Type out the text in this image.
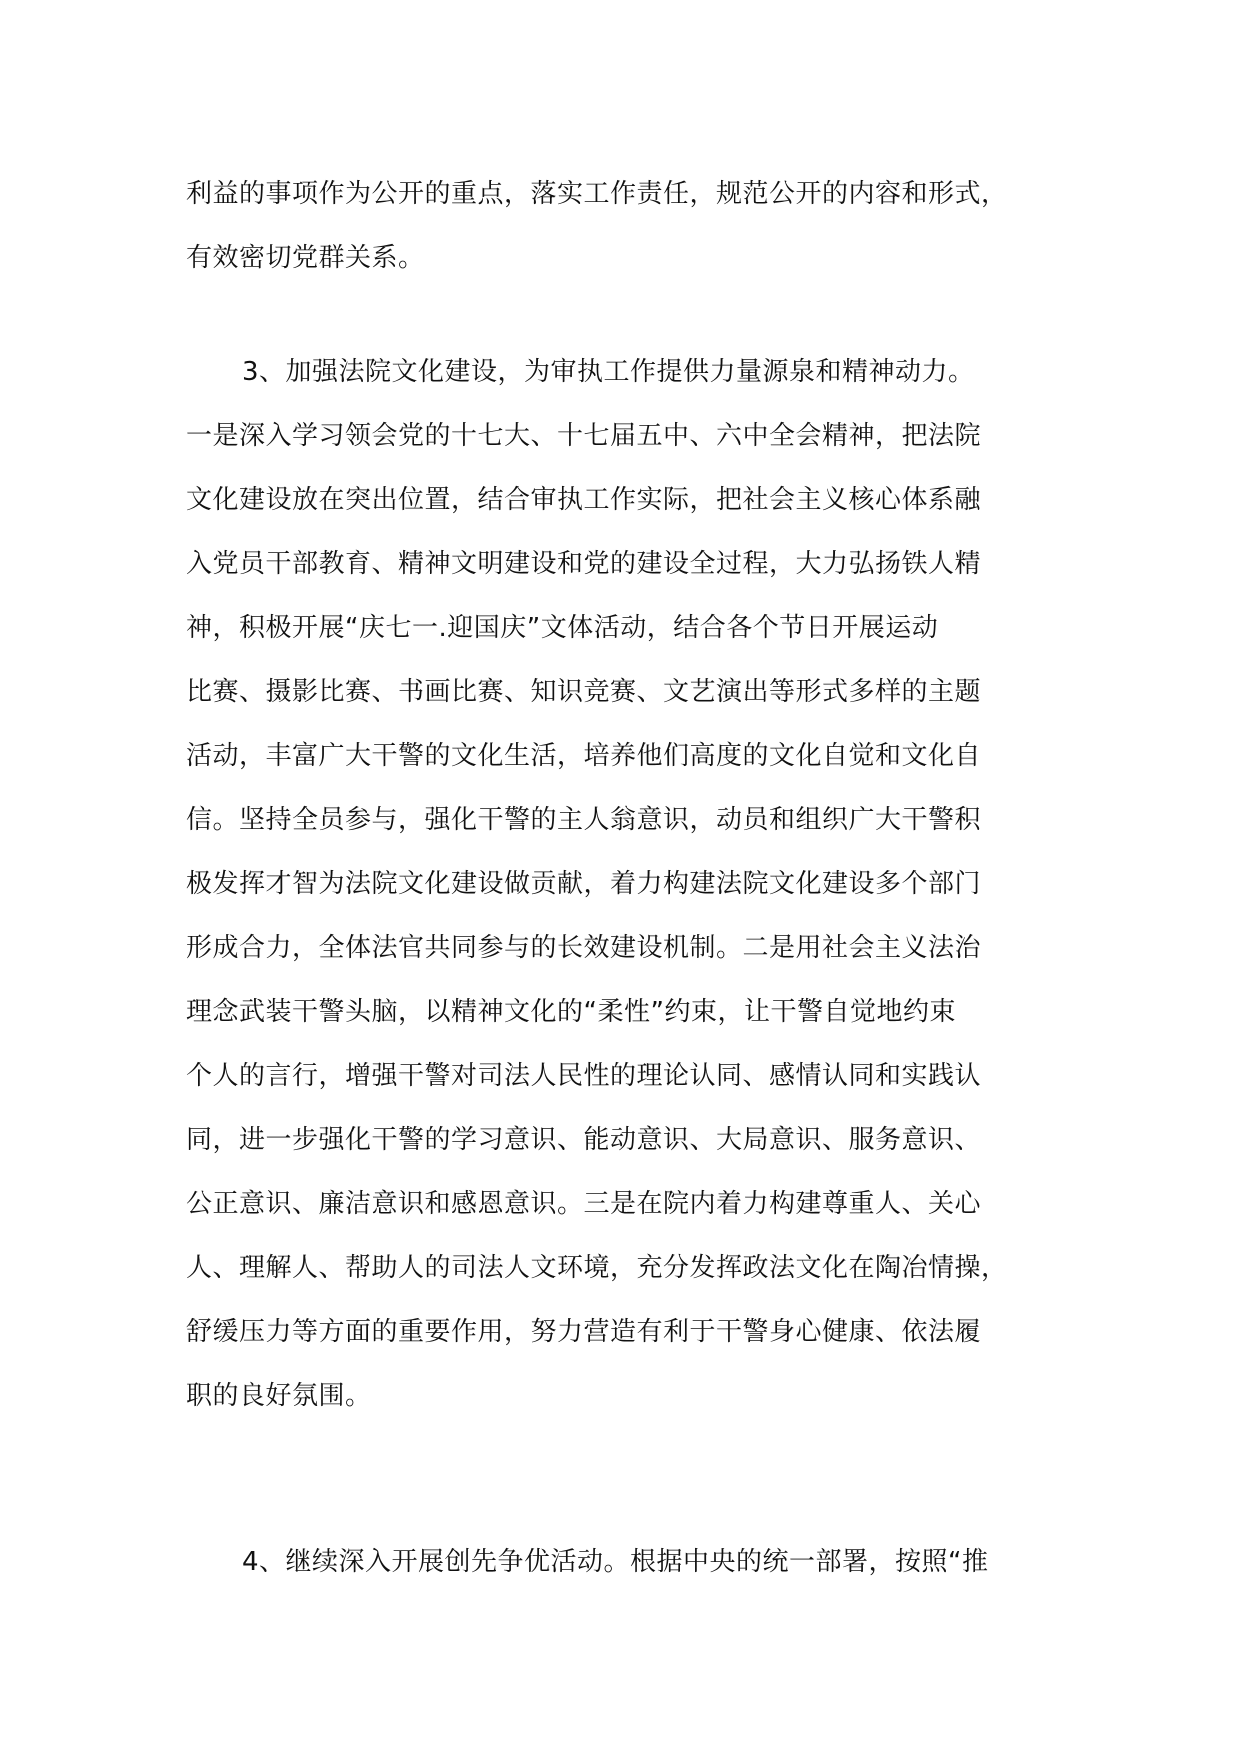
利益的事项作为公开的重点，落实工作责任，规范公开的内容和形式，
有效密切党群关系。
3、加强法院文化建设，为审执工作提供力量源泉和精神动力。
一是深入学习领会党的十七大、十七届五中、六中全会精神，把法院
文化建设放在突出位置，结合审执工作实际，把社会主义核心体系融
入党员干部教育、精神文明建设和党的建设全过程，大力弘扬铁人精
神，积极开展“庆七一.迎国庆”文体活动，结合各个节日开展运动
比赛、摄影比赛、书画比赛、知识竞赛、文艺演出等形式多样的主题
活动，丰富广大干警的文化生活，培养他们高度的文化自觉和文化自
信。坚持全员参与，强化干警的主人翁意识，动员和组织广大干警积
极发挥才智为法院文化建设做贡献，着力构建法院文化建设多个部门
形成合力，全体法官共同参与的长效建设机制。二是用社会主义法治
理念武装干警头脑，以精神文化的“柔性”约束，让干警自觉地约束
个人的言行，增强干警对司法人民性的理论认同、感情认同和实践认
同，进一步强化干警的学习意识、能动意识、大局意识、服务意识、
公正意识、廉洁意识和感恩意识。三是在院内着力构建尊重人、关心
人、理解人、帮助人的司法人文环境，充分发挥政法文化在陶冶情操，
舒缓压力等方面的重要作用，努力营造有利于干警身心健康、依法履
职的良好氛围。
4、继续深入开展创先争优活动。根据中央的统一部署，按照“推
